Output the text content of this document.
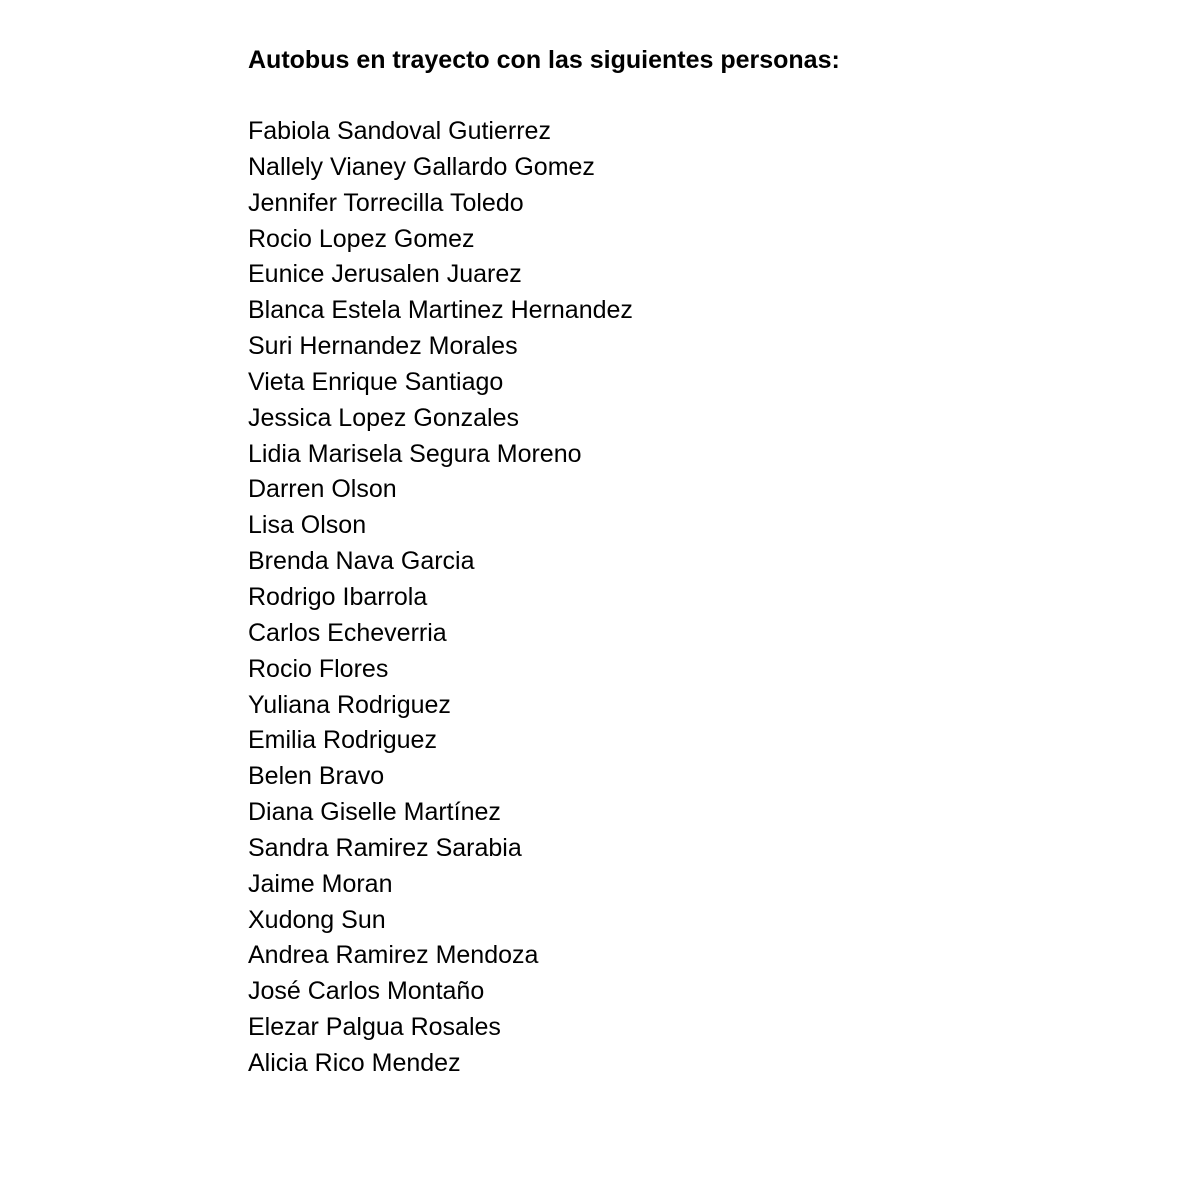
Autobus en trayecto con las siguientes personas:
Fabiola Sandoval Gutierrez
Nallely Vianey Gallardo Gomez
Jennifer Torrecilla Toledo
Rocio Lopez Gomez
Eunice Jerusalen Juarez
Blanca Estela Martinez Hernandez
Suri Hernandez Morales
Vieta Enrique Santiago
Jessica Lopez Gonzales
Lidia Marisela Segura Moreno
Darren Olson
Lisa Olson
Brenda Nava Garcia
Rodrigo Ibarrola
Carlos Echeverria
Rocio Flores
Yuliana Rodriguez
Emilia Rodriguez
Belen Bravo
Diana Giselle Martínez
Sandra Ramirez Sarabia
Jaime Moran
Xudong Sun
Andrea Ramirez Mendoza
José Carlos Montaño
Elezar Palgua Rosales
Alicia Rico Mendez
